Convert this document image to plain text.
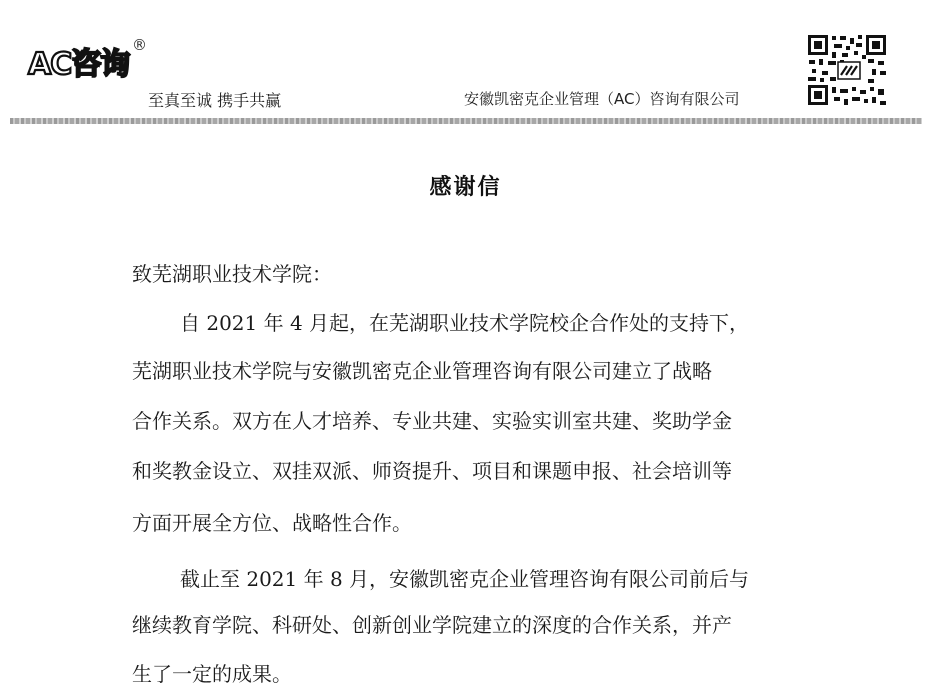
AC咨询
®
至真至诚 携手共赢	安徽凯密克企业管理（AC）咨询有限公司
感谢信
致芜湖职业技术学院：
自 2021 年 4 月起，在芜湖职业技术学院校企合作处的支持下，
芜湖职业技术学院与安徽凯密克企业管理咨询有限公司建立了战略
合作关系。双方在人才培养、专业共建、实验实训室共建、奖助学金
和奖教金设立、双挂双派、师资提升、项目和课题申报、社会培训等
方面开展全方位、战略性合作。
截止至 2021 年 8 月，安徽凯密克企业管理咨询有限公司前后与
继续教育学院、科研处、创新创业学院建立的深度的合作关系，并产
生了一定的成果。
